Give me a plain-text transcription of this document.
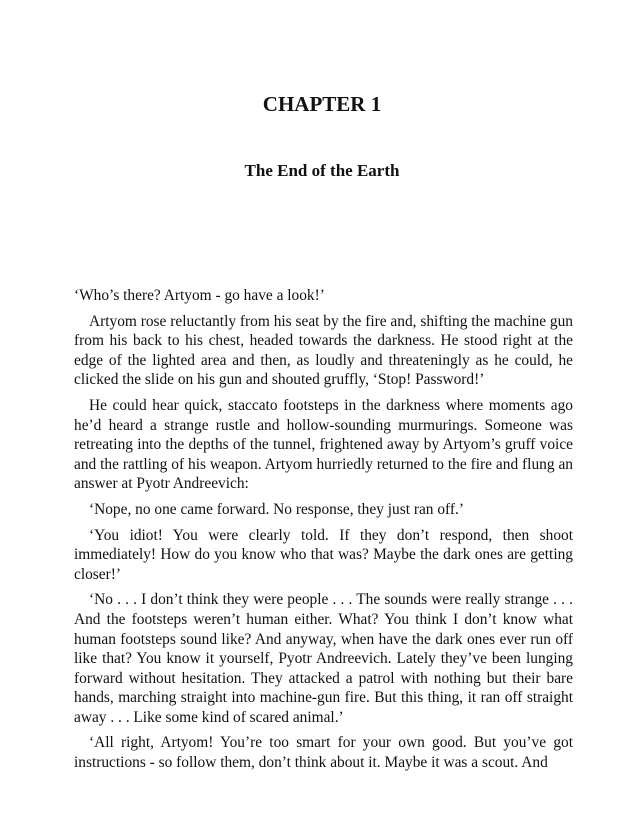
CHAPTER 1
The End of the Earth

‘Who’s there? Artyom - go have a look!’

Artyom rose reluctantly from his seat by the fire and, shifting the machine gun from his back to his chest, headed towards the darkness. He stood right at the edge of the lighted area and then, as loudly and threateningly as he could, he clicked the slide on his gun and shouted gruffly, ‘Stop! Password!’

He could hear quick, staccato footsteps in the darkness where moments ago he’d heard a strange rustle and hollow-sounding murmurings. Someone was retreating into the depths of the tunnel, frightened away by Artyom’s gruff voice and the rattling of his weapon. Artyom hurriedly returned to the fire and flung an answer at Pyotr Andreevich:

‘Nope, no one came forward. No response, they just ran off.’

‘You idiot! You were clearly told. If they don’t respond, then shoot immediately! How do you know who that was? Maybe the dark ones are getting closer!’

‘No . . . I don’t think they were people . . . The sounds were really strange . . . And the footsteps weren’t human either. What? You think I don’t know what human footsteps sound like? And anyway, when have the dark ones ever run off like that? You know it yourself, Pyotr Andreevich. Lately they’ve been lunging forward without hesitation. They attacked a patrol with nothing but their bare hands, marching straight into machine-gun fire. But this thing, it ran off straight away . . . Like some kind of scared animal.’

‘All right, Artyom! You’re too smart for your own good. But you’ve got instructions - so follow them, don’t think about it. Maybe it was a scout. And
